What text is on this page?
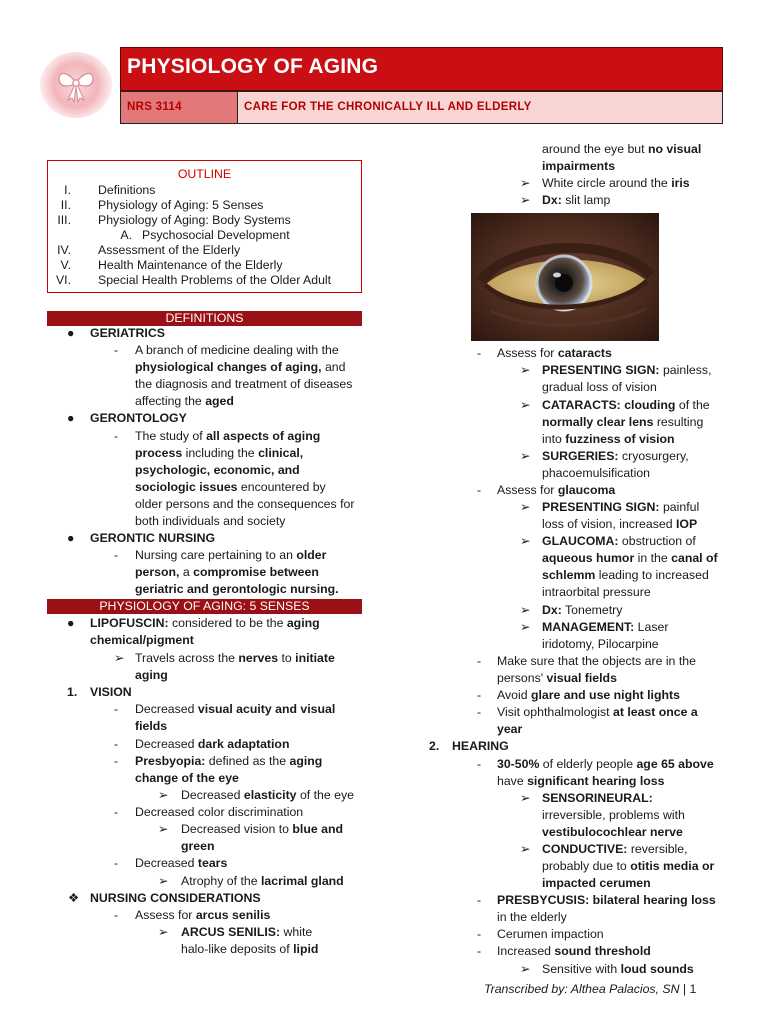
PHYSIOLOGY OF AGING
NRS 3114	CARE FOR THE CHRONICALLY ILL AND ELDERLY
OUTLINE
I. Definitions
II. Physiology of Aging: 5 Senses
III. Physiology of Aging: Body Systems
A. Psychosocial Development
IV. Assessment of the Elderly
V. Health Maintenance of the Elderly
VI. Special Health Problems of the Older Adult
DEFINITIONS
● GERIATRICS
- A branch of medicine dealing with the
physiological changes of aging, and
the diagnosis and treatment of diseases
affecting the aged
● GERONTOLOGY
- The study of all aspects of aging
process including the clinical,
psychologic, economic, and
sociologic issues encountered by
older persons and the consequences for
both individuals and society
● GERONTIC NURSING
- Nursing care pertaining to an older
person, a compromise between
geriatric and gerontologic nursing.
PHYSIOLOGY OF AGING: 5 SENSES
● LIPOFUSCIN: considered to be the aging
chemical/pigment
➢ Travels across the nerves to initiate
aging
1. VISION
- Decreased visual acuity and visual
fields
- Decreased dark adaptation
- Presbyopia: defined as the aging
change of the eye
➢ Decreased elasticity of the eye
- Decreased color discrimination
➢ Decreased vision to blue and
green
- Decreased tears
➢ Atrophy of the lacrimal gland
❖ NURSING CONSIDERATIONS
- Assess for arcus senilis
➢ ARCUS SENILIS: white
halo-like deposits of lipid
around the eye but no visual
impairments
➢ White circle around the iris
➢ Dx: slit lamp
- Assess for cataracts
➢ PRESENTING SIGN: painless,
gradual loss of vision
➢ CATARACTS: clouding of the
normally clear lens resulting
into fuzziness of vision
➢ SURGERIES: cryosurgery,
phacoemulsification
- Assess for glaucoma
➢ PRESENTING SIGN: painful
loss of vision, increased IOP
➢ GLAUCOMA: obstruction of
aqueous humor in the canal of
schlemm leading to increased
intraorbital pressure
➢ Dx: Tonemetry
➢ MANAGEMENT: Laser
iridotomy, Pilocarpine
- Make sure that the objects are in the
persons' visual fields
- Avoid glare and use night lights
- Visit ophthalmologist at least once a
year
2. HEARING
- 30-50% of elderly people age 65 above
have significant hearing loss
➢ SENSORINEURAL:
irreversible, problems with
vestibulocochlear nerve
➢ CONDUCTIVE: reversible,
probably due to otitis media or
impacted cerumen
- PRESBYCUSIS: bilateral hearing loss
in the elderly
- Cerumen impaction
- Increased sound threshold
➢ Sensitive with loud sounds
Transcribed by: Althea Palacios, SN | 1
